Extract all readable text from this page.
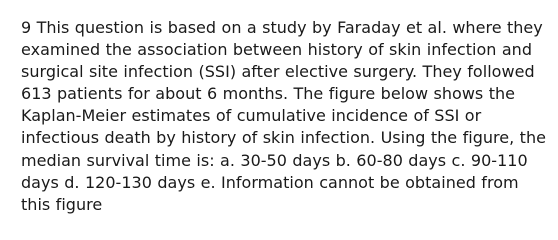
9 This question is based on a study by Faraday et al. where they
examined the association between history of skin infection and
surgical site infection (SSI) after elective surgery. They followed
613 patients for about 6 months. The figure below shows the
Kaplan-Meier estimates of cumulative incidence of SSI or
infectious death by history of skin infection. Using the figure, the
median survival time is: a. 30-50 days b. 60-80 days c. 90-110
days d. 120-130 days e. Information cannot be obtained from
this figure
